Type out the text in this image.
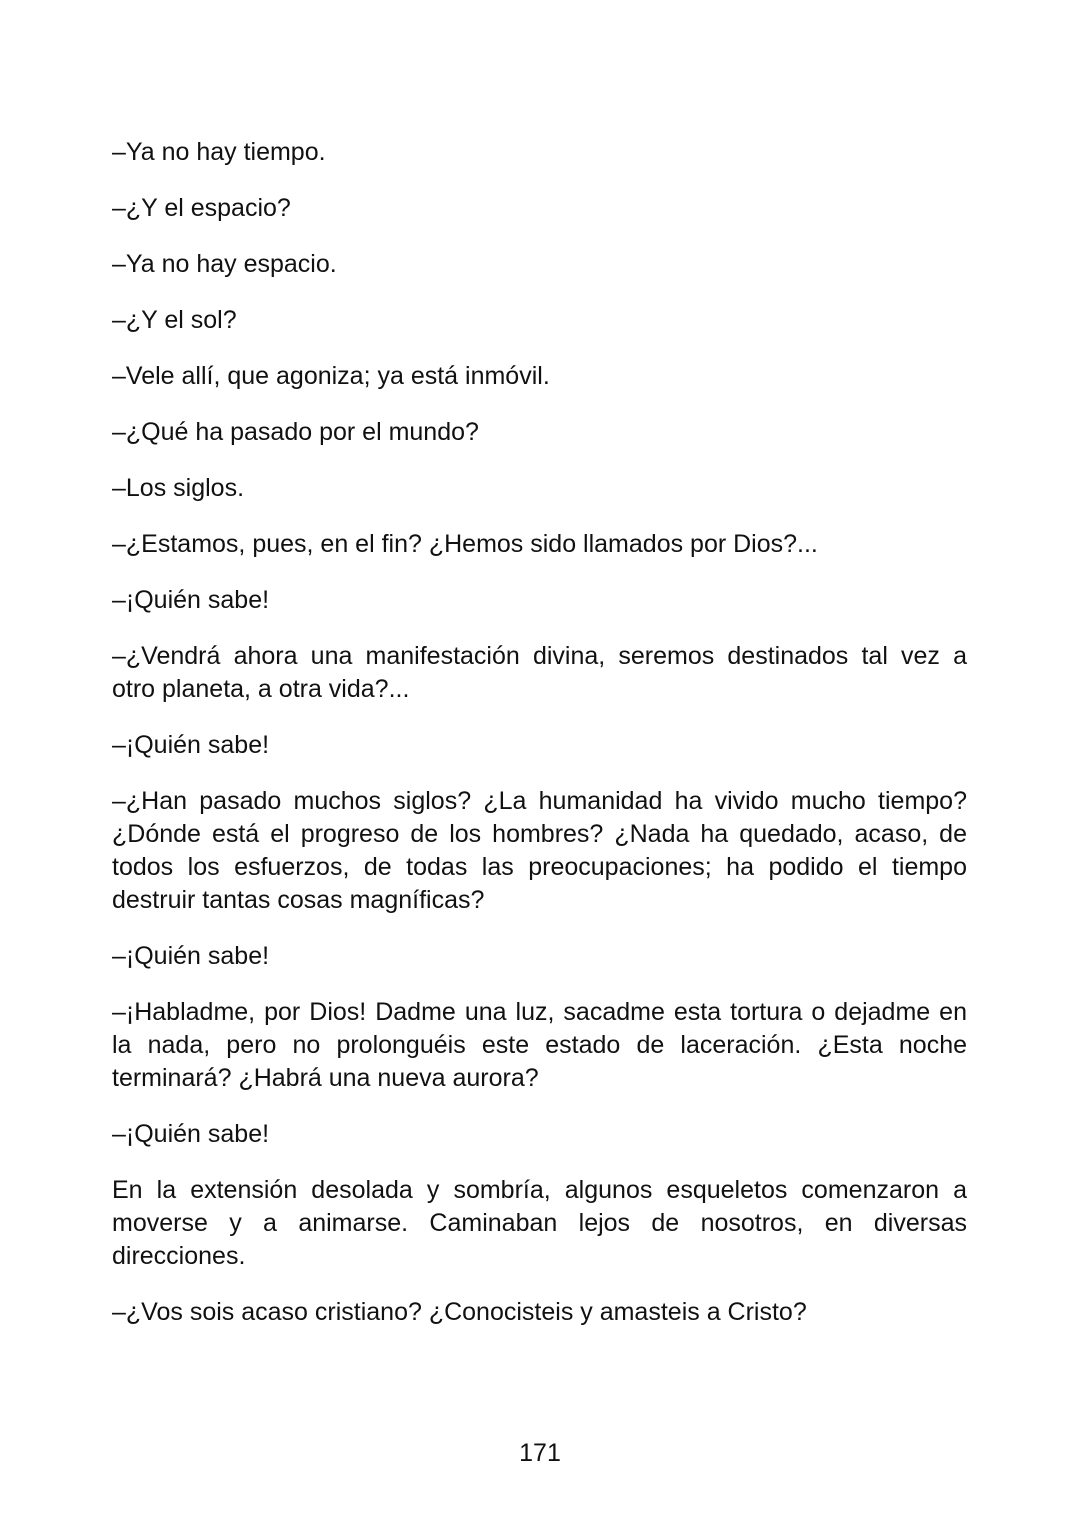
–Ya no hay tiempo.
–¿Y el espacio?
–Ya no hay espacio.
–¿Y el sol?
–Vele allí, que agoniza; ya está inmóvil.
–¿Qué ha pasado por el mundo?
–Los siglos.
–¿Estamos, pues, en el fin? ¿Hemos sido llamados por Dios?...
–¡Quién sabe!
–¿Vendrá ahora una manifestación divina, seremos destinados tal vez a
otro planeta, a otra vida?...
–¡Quién sabe!
–¿Han pasado muchos siglos? ¿La humanidad ha vivido mucho tiempo?
¿Dónde está el progreso de los hombres? ¿Nada ha quedado, acaso, de
todos los esfuerzos, de todas las preocupaciones; ha podido el tiempo
destruir tantas cosas magníficas?
–¡Quién sabe!
–¡Habladme, por Dios! Dadme una luz, sacadme esta tortura o dejadme en
la nada, pero no prolonguéis este estado de laceración. ¿Esta noche
terminará? ¿Habrá una nueva aurora?
–¡Quién sabe!
En la extensión desolada y sombría, algunos esqueletos comenzaron a
moverse y a animarse. Caminaban lejos de nosotros, en diversas
direcciones.
–¿Vos sois acaso cristiano? ¿Conocisteis y amasteis a Cristo?
171
